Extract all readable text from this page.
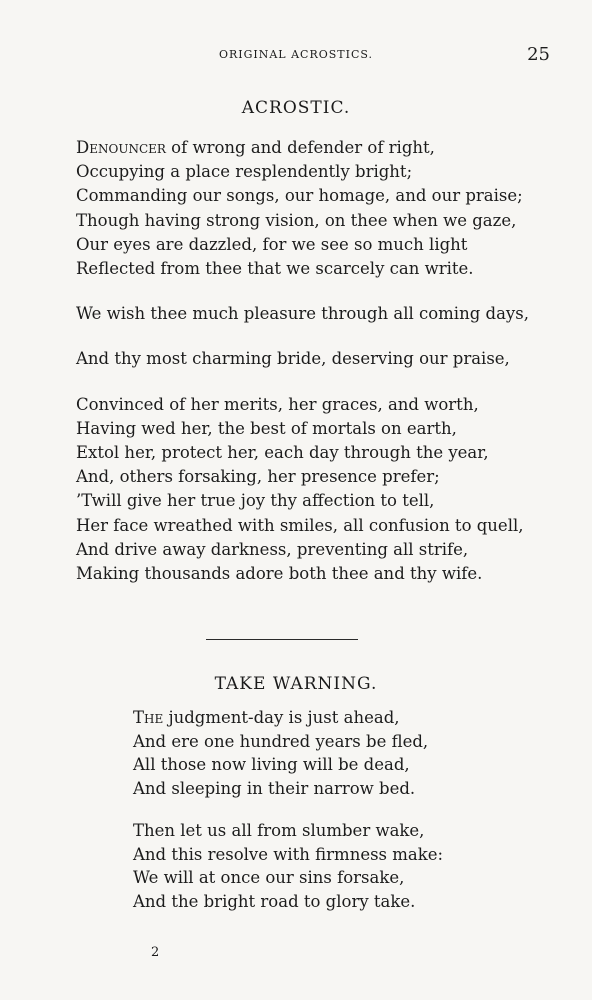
ORIGINAL ACROSTICS.	25
ACROSTIC.
Denouncer of wrong and defender of right,
Occupying a place resplendently bright;
Commanding our songs, our homage, and our praise;
Though having strong vision, on thee when we gaze,
Our eyes are dazzled, for we see so much light
Reflected from thee that we scarcely can write.
We wish thee much pleasure through all coming days,
And thy most charming bride, deserving our praise,
Convinced of her merits, her graces, and worth,
Having wed her, the best of mortals on earth,
Extol her, protect her, each day through the year,
And, others forsaking, her presence prefer;
’Twill give her true joy thy affection to tell,
Her face wreathed with smiles, all confusion to quell,
And drive away darkness, preventing all strife,
Making thousands adore both thee and thy wife.
TAKE WARNING.
The judgment-day is just ahead,
And ere one hundred years be fled,
All those now living will be dead,
And sleeping in their narrow bed.
Then let us all from slumber wake,
And this resolve with firmness make:
We will at once our sins forsake,
And the bright road to glory take.
2
